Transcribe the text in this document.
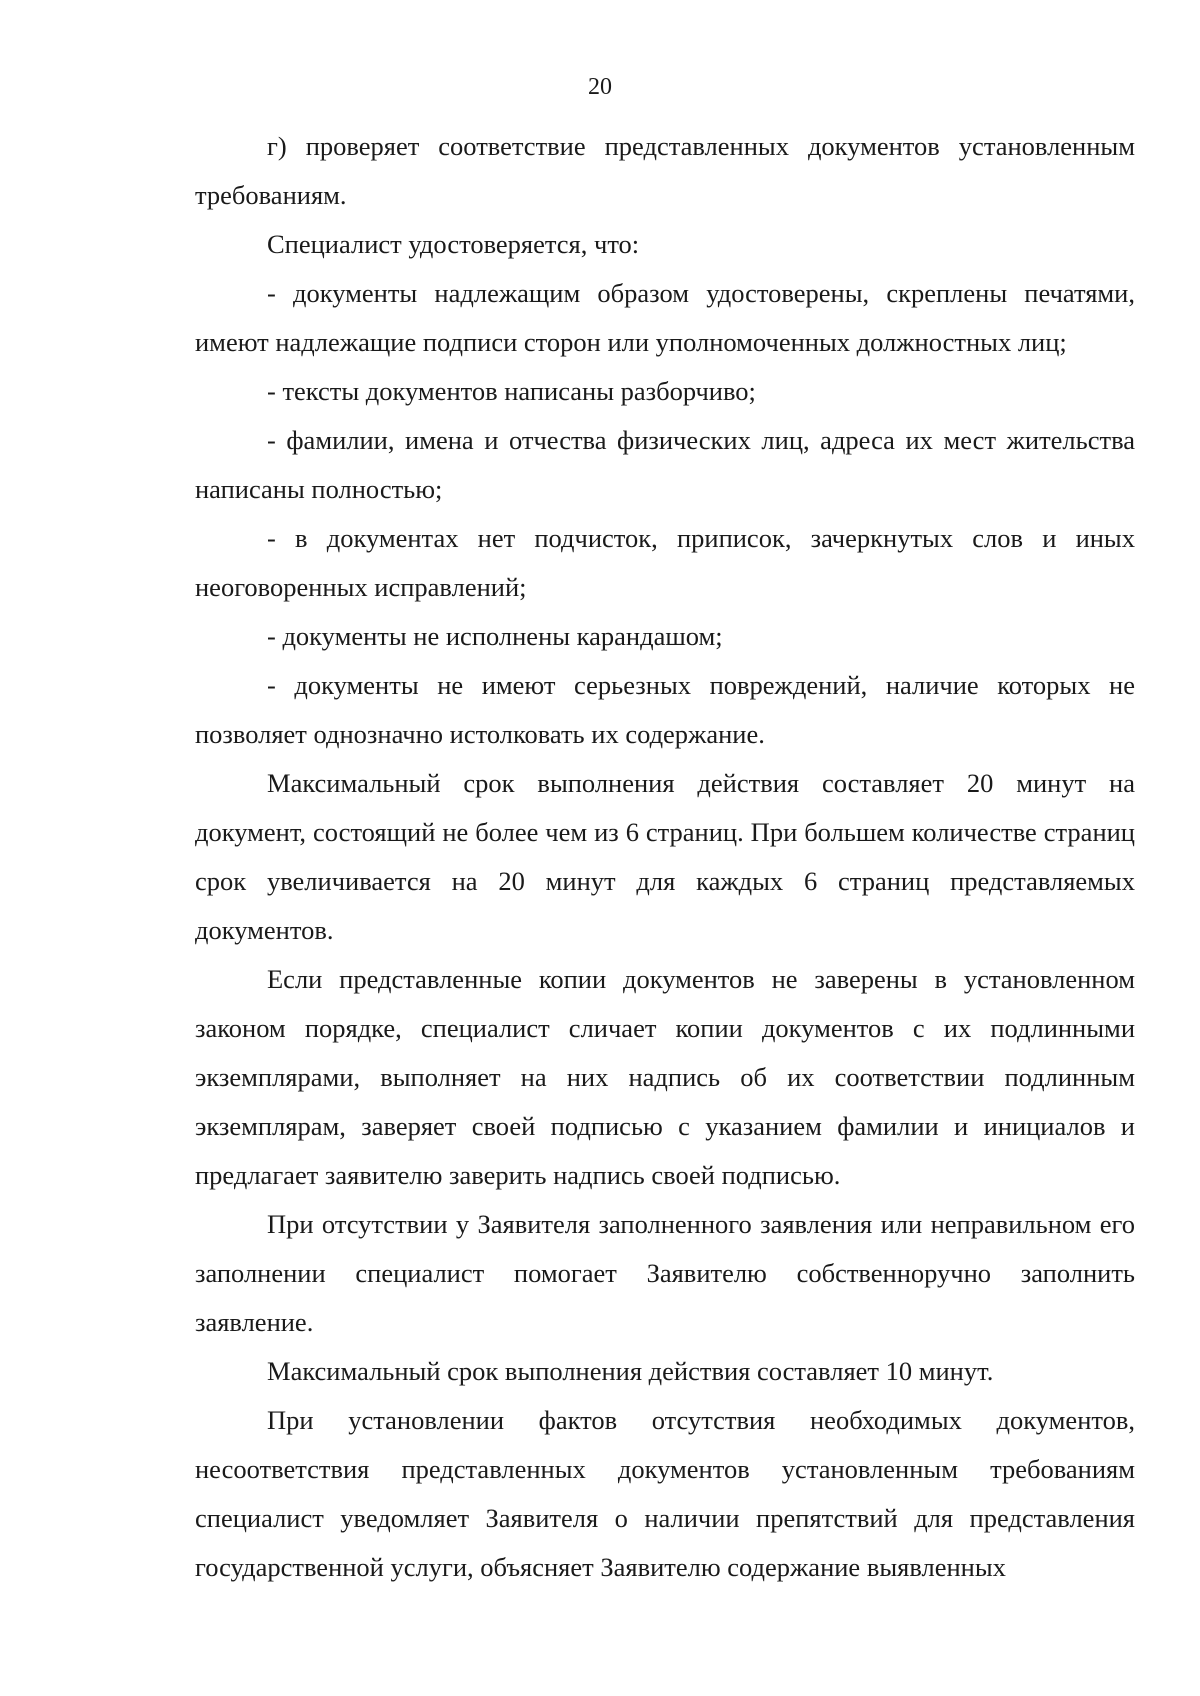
20

г) проверяет соответствие представленных документов установленным требованиям.

Специалист удостоверяется, что:

- документы надлежащим образом удостоверены, скреплены печатями, имеют надлежащие подписи сторон или уполномоченных должностных лиц;

- тексты документов написаны разборчиво;

- фамилии, имена и отчества физических лиц, адреса их мест жительства написаны полностью;

- в документах нет подчисток, приписок, зачеркнутых слов и иных неоговоренных исправлений;

- документы не исполнены карандашом;

- документы не имеют серьезных повреждений, наличие которых не позволяет однозначно истолковать их содержание.

Максимальный срок выполнения действия составляет 20 минут на документ, состоящий не более чем из 6 страниц. При большем количестве страниц срок увеличивается на 20 минут для каждых 6 страниц представляемых документов.

Если представленные копии документов не заверены в установленном законом порядке, специалист сличает копии документов с их подлинными экземплярами, выполняет на них надпись об их соответствии подлинным экземплярам, заверяет своей подписью с указанием фамилии и инициалов и предлагает заявителю заверить надпись своей подписью.

При отсутствии у Заявителя заполненного заявления или неправильном его заполнении специалист помогает Заявителю собственноручно заполнить заявление.

Максимальный срок выполнения действия составляет 10 минут.

При установлении фактов отсутствия необходимых документов, несоответствия представленных документов установленным требованиям специалист уведомляет Заявителя о наличии препятствий для представления государственной услуги, объясняет Заявителю содержание выявленных
